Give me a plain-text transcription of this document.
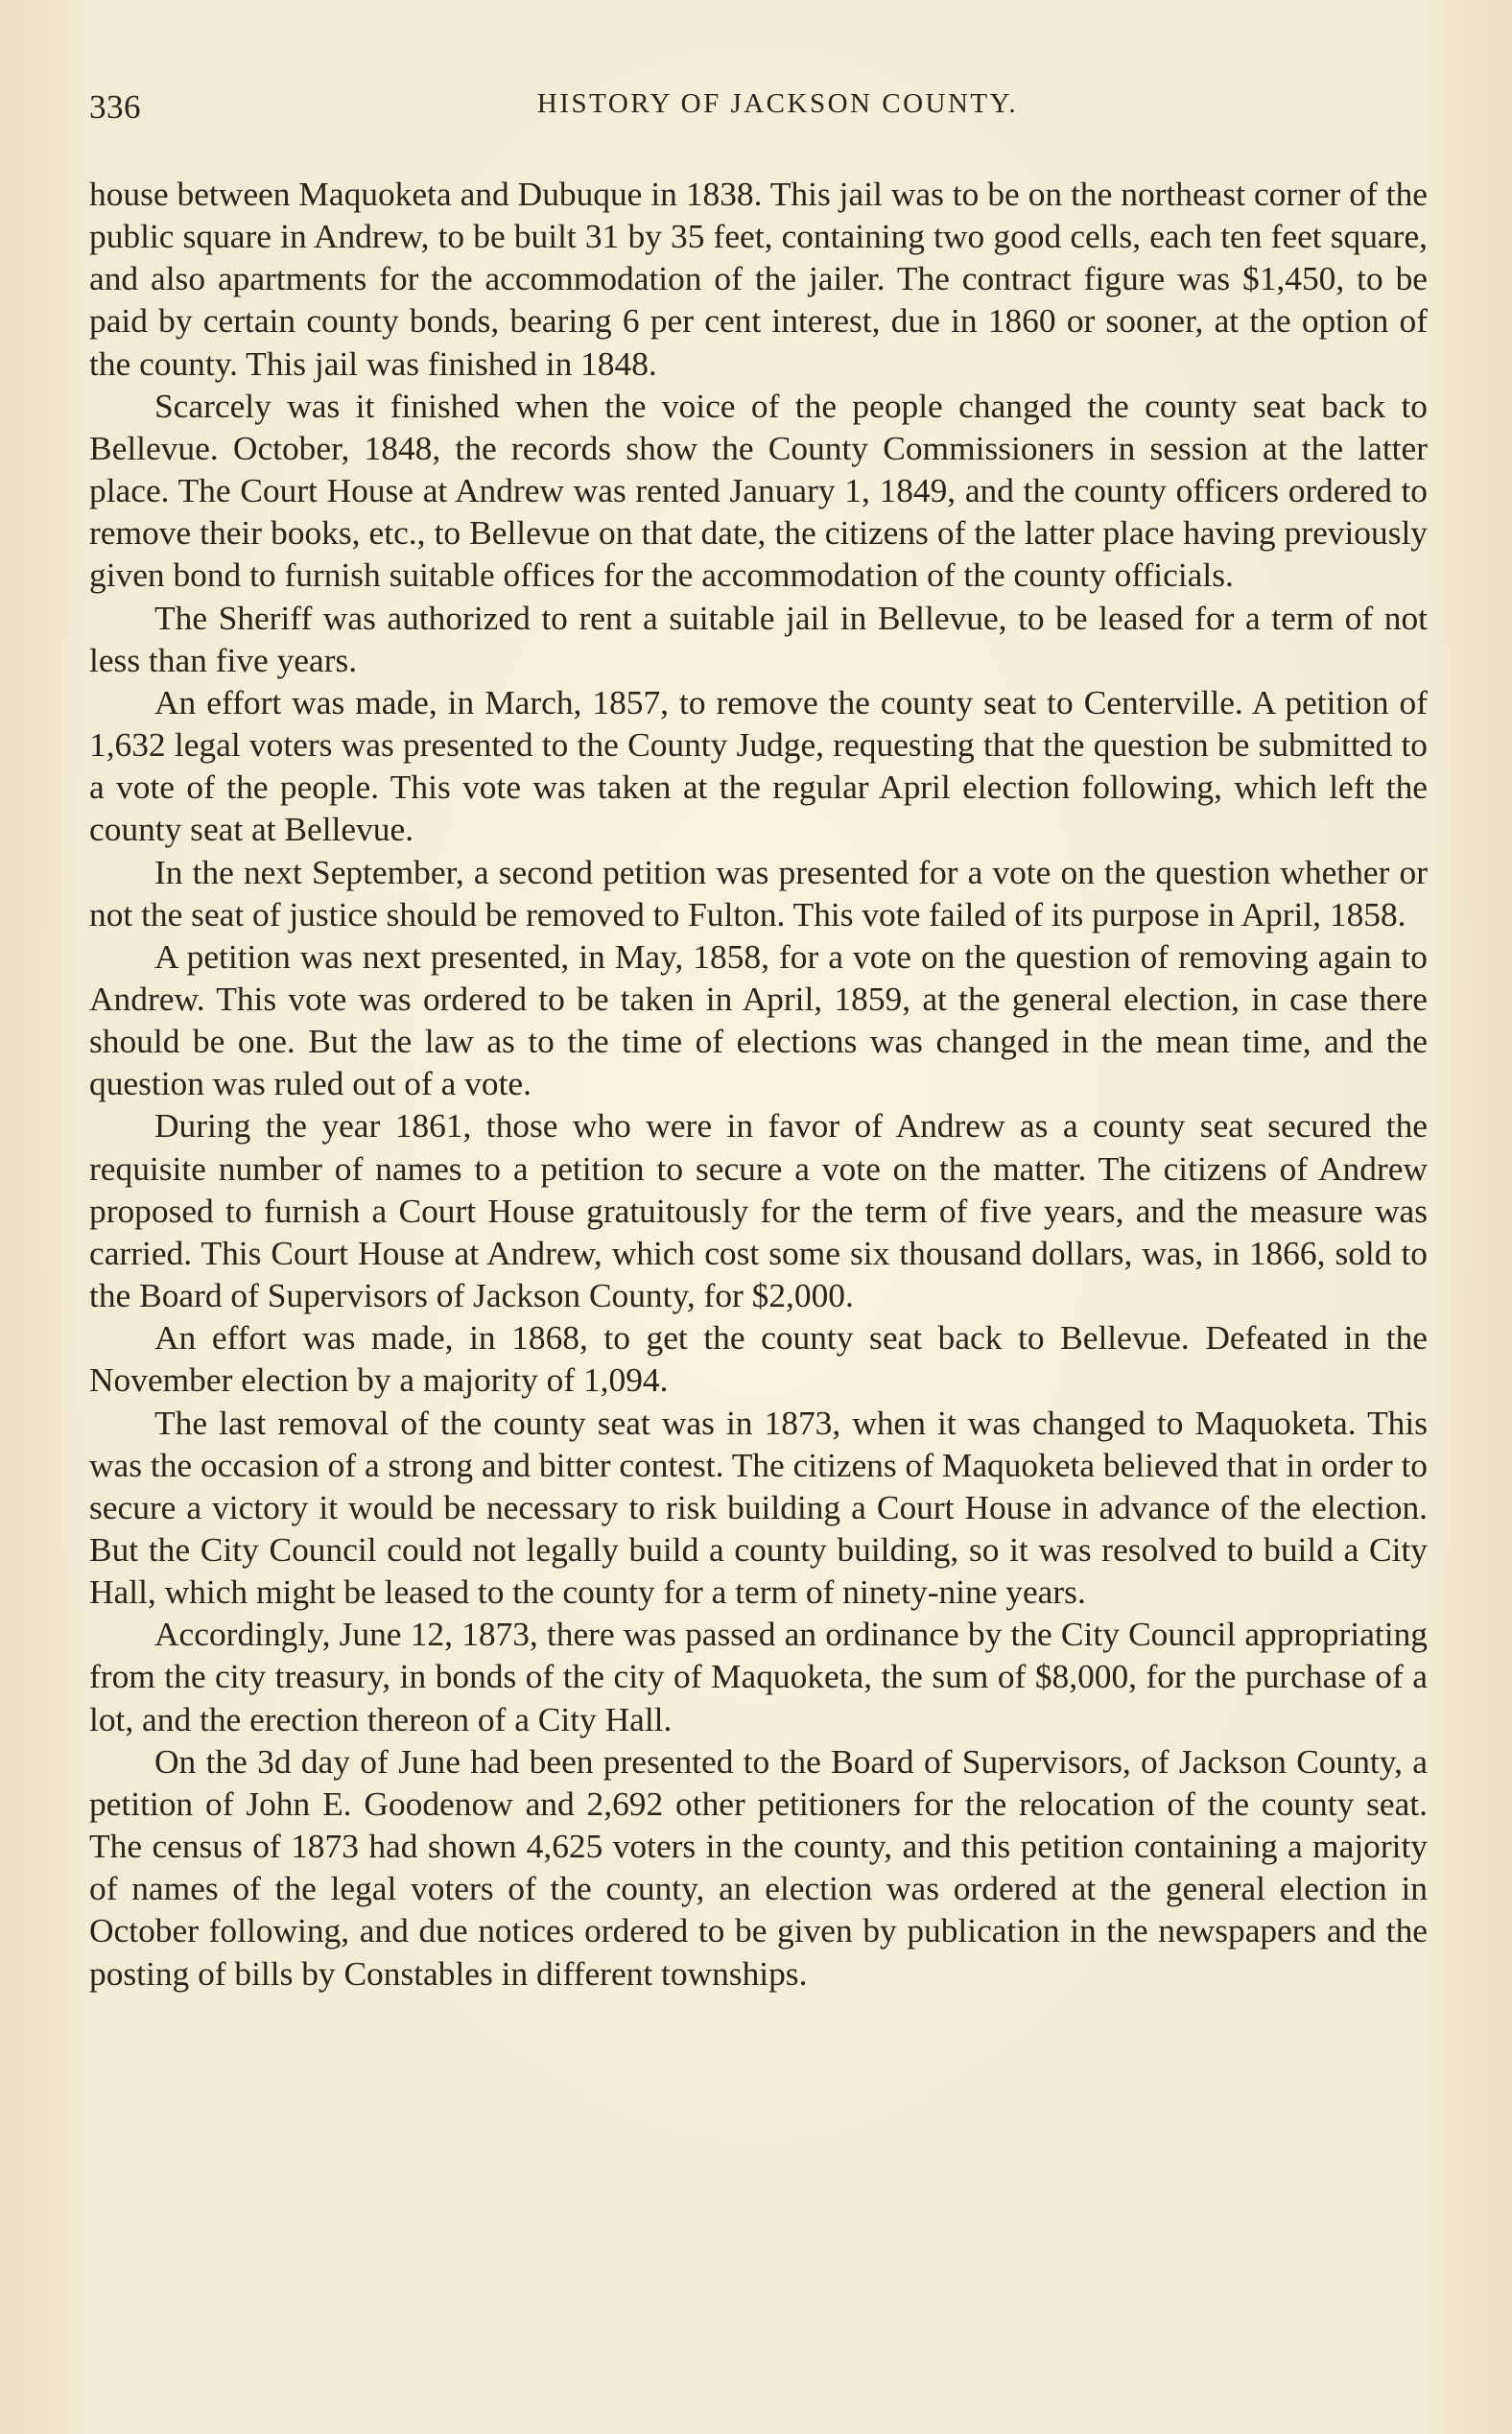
336	HISTORY OF JACKSON COUNTY.

house between Maquoketa and Dubuque in 1838. This jail was to be on the northeast corner of the public square in Andrew, to be built 31 by 35 feet, containing two good cells, each ten feet square, and also apartments for the accommodation of the jailer. The contract figure was $1,450, to be paid by certain county bonds, bearing 6 per cent interest, due in 1860 or sooner, at the option of the county. This jail was finished in 1848.

Scarcely was it finished when the voice of the people changed the county seat back to Bellevue. October, 1848, the records show the County Commissioners in session at the latter place. The Court House at Andrew was rented January 1, 1849, and the county officers ordered to remove their books, etc., to Bellevue on that date, the citizens of the latter place having previously given bond to furnish suitable offices for the accommodation of the county officials.

The Sheriff was authorized to rent a suitable jail in Bellevue, to be leased for a term of not less than five years.

An effort was made, in March, 1857, to remove the county seat to Centerville. A petition of 1,632 legal voters was presented to the County Judge, requesting that the question be submitted to a vote of the people. This vote was taken at the regular April election following, which left the county seat at Bellevue.

In the next September, a second petition was presented for a vote on the question whether or not the seat of justice should be removed to Fulton. This vote failed of its purpose in April, 1858.

A petition was next presented, in May, 1858, for a vote on the question of removing again to Andrew. This vote was ordered to be taken in April, 1859, at the general election, in case there should be one. But the law as to the time of elections was changed in the mean time, and the question was ruled out of a vote.

During the year 1861, those who were in favor of Andrew as a county seat secured the requisite number of names to a petition to secure a vote on the matter. The citizens of Andrew proposed to furnish a Court House gratuitously for the term of five years, and the measure was carried. This Court House at Andrew, which cost some six thousand dollars, was, in 1866, sold to the Board of Supervisors of Jackson County, for $2,000.

An effort was made, in 1868, to get the county seat back to Bellevue. Defeated in the November election by a majority of 1,094.

The last removal of the county seat was in 1873, when it was changed to Maquoketa. This was the occasion of a strong and bitter contest. The citizens of Maquoketa believed that in order to secure a victory it would be necessary to risk building a Court House in advance of the election. But the City Council could not legally build a county building, so it was resolved to build a City Hall, which might be leased to the county for a term of ninety-nine years.

Accordingly, June 12, 1873, there was passed an ordinance by the City Council appropriating from the city treasury, in bonds of the city of Maquoketa, the sum of $8,000, for the purchase of a lot, and the erection thereon of a City Hall.

On the 3d day of June had been presented to the Board of Supervisors, of Jackson County, a petition of John E. Goodenow and 2,692 other petitioners for the relocation of the county seat. The census of 1873 had shown 4,625 voters in the county, and this petition containing a majority of names of the legal voters of the county, an election was ordered at the general election in October following, and due notices ordered to be given by publication in the newspapers and the posting of bills by Constables in different townships.
